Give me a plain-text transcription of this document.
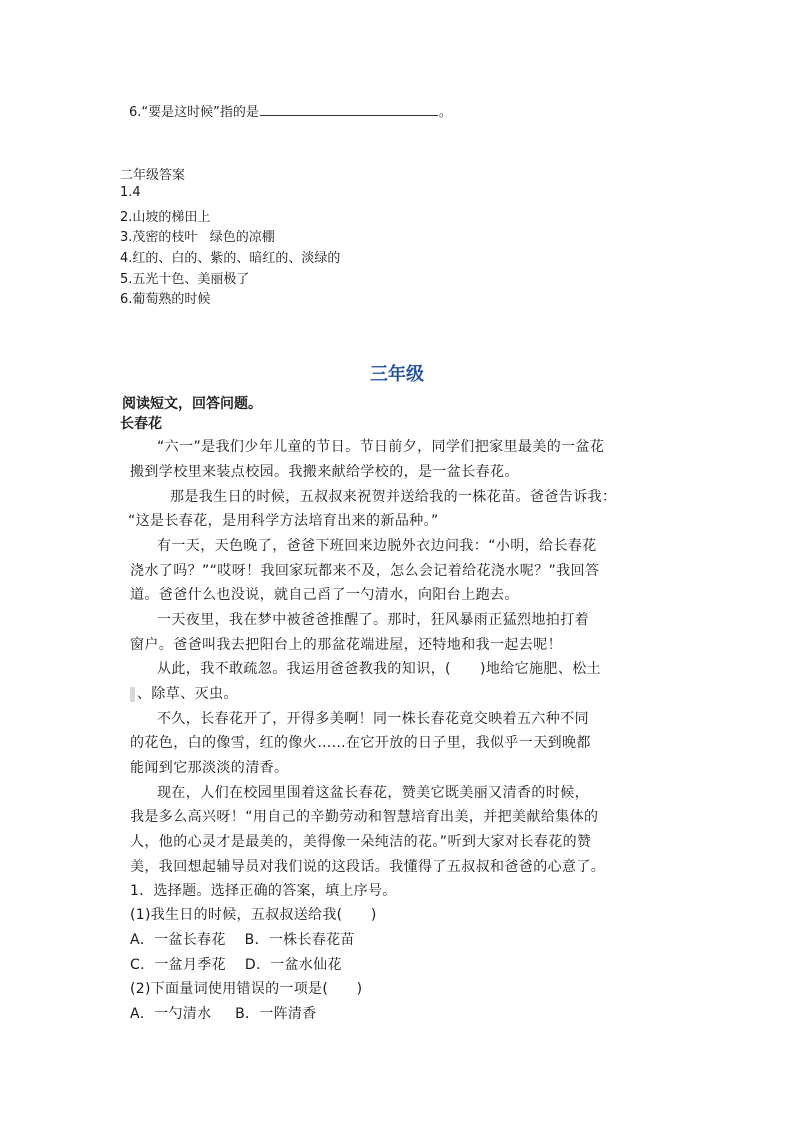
6.“要是这时候”指的是	。
二年级答案
1.4
2.山坡的梯田上
3.茂密的枝叶   绿色的凉棚
4.红的、白的、紫的、暗红的、淡绿的
5.五光十色、美丽极了
6.葡萄熟的时候
三年级
阅读短文，回答问题。
长春花
“六一”是我们少年儿童的节日。节日前夕，同学们把家里最美的一盆花
搬到学校里来装点校园。我搬来献给学校的，是一盆长春花。
那是我生日的时候，五叔叔来祝贺并送给我的一株花苗。爸爸告诉我：
“这是长春花，是用科学方法培育出来的新品种。”
有一天，天色晚了，爸爸下班回来边脱外衣边问我：“小明，给长春花
浇水了吗？”“哎呀！我回家玩都来不及，怎么会记着给花浇水呢？”我回答
道。爸爸什么也没说，就自己舀了一勺清水，向阳台上跑去。
一天夜里，我在梦中被爸爸推醒了。那时，狂风暴雨正猛烈地拍打着
窗户。爸爸叫我去把阳台上的那盆花端进屋，还特地和我一起去呢！
从此，我不敢疏忽。我运用爸爸教我的知识，(      )地给它施肥、松土
、除草、灭虫。
不久，长春花开了，开得多美啊！同一株长春花竟交映着五六种不同
的花色，白的像雪，红的像火……在它开放的日子里，我似乎一天到晚都
能闻到它那淡淡的清香。
现在，人们在校园里围着这盆长春花，赞美它既美丽又清香的时候，
我是多么高兴呀！“用自己的辛勤劳动和智慧培育出美，并把美献给集体的
人，他的心灵才是最美的，美得像一朵纯洁的花。”听到大家对长春花的赞
美，我回想起辅导员对我们说的这段话。我懂得了五叔叔和爸爸的心意了。
1．选择题。选择正确的答案，填上序号。
(1)我生日的时候，五叔叔送给我(      )
A．一盆长春花    B．一株长春花苗
C．一盆月季花    D．一盆水仙花
(2)下面量词使用错误的一项是(      )
A．一勺清水     B．一阵清香
